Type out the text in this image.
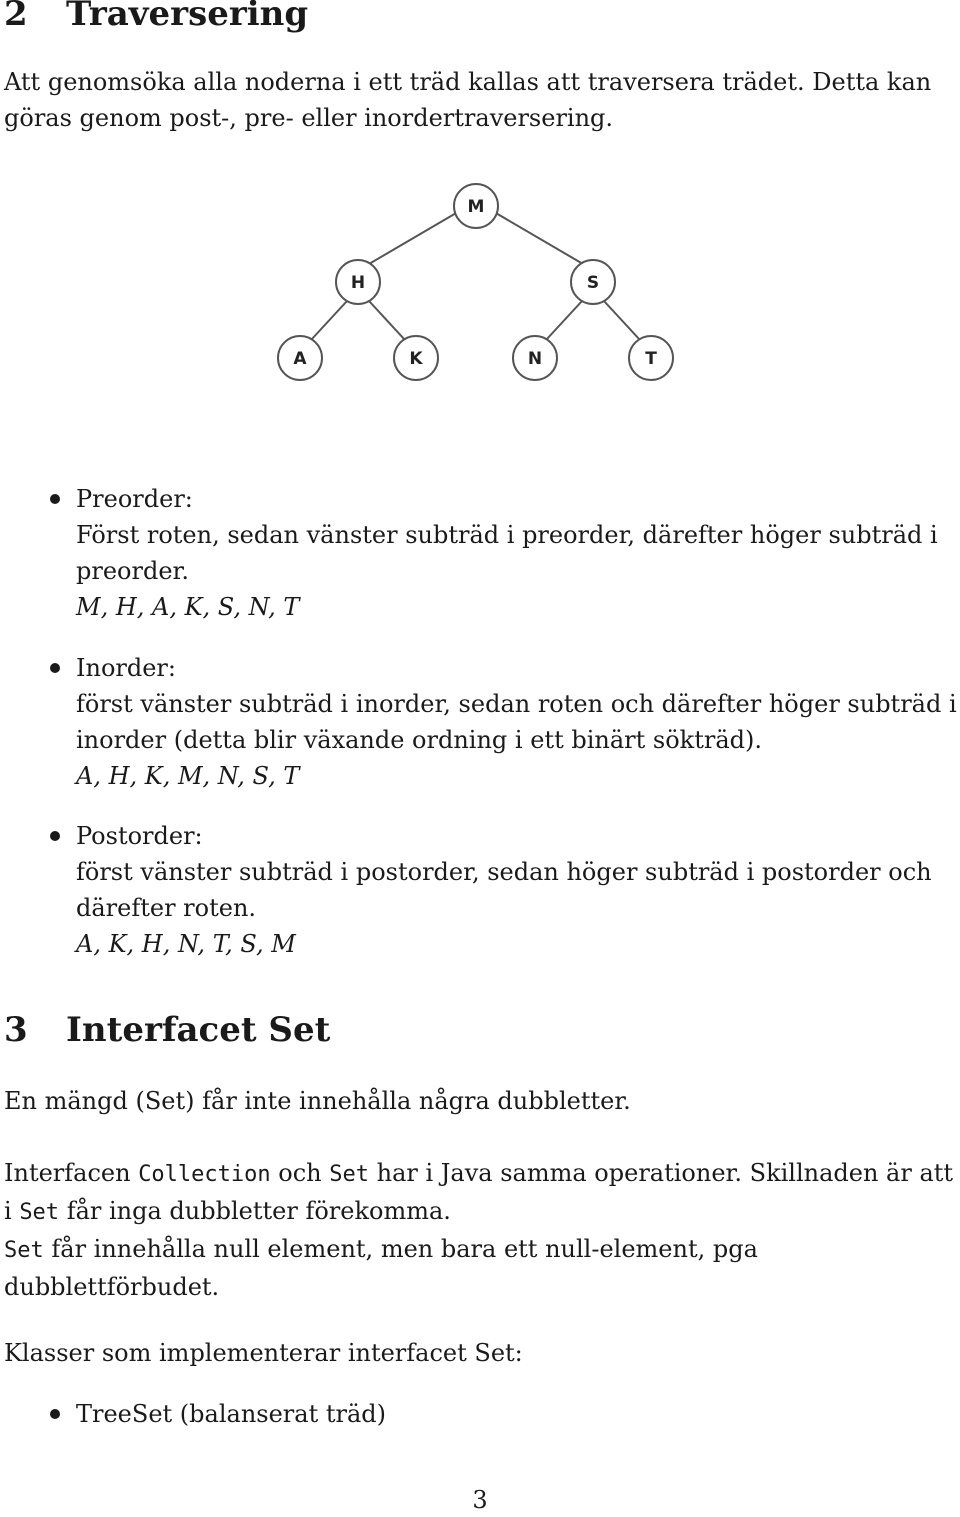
2 Traversering

Att genomsöka alla noderna i ett träd kallas att traversera trädet. Detta kan göras genom post-, pre- eller inordertraversering.

M
H	S
A	K	N	T
Preorder:
Först roten, sedan vänster subträd i preorder, därefter höger subträd i preorder.
M, H, A, K, S, N, T
Inorder:
först vänster subträd i inorder, sedan roten och därefter höger subträd i inorder (detta blir växande ordning i ett binärt sökträd).
A, H, K, M, N, S, T
Postorder:
först vänster subträd i postorder, sedan höger subträd i postorder och därefter roten.
A, K, H, N, T, S, M
3 Interfacet Set

En mängd (Set) får inte innehålla några dubbletter.

Interfacen Collection och Set har i Java samma operationer. Skillnaden är att i Set får inga dubbletter förekomma.

Set får innehålla null element, men bara ett null-element, pga dubblettförbudet.

Klasser som implementerar interfacet Set:

TreeSet (balanserat träd)
3
